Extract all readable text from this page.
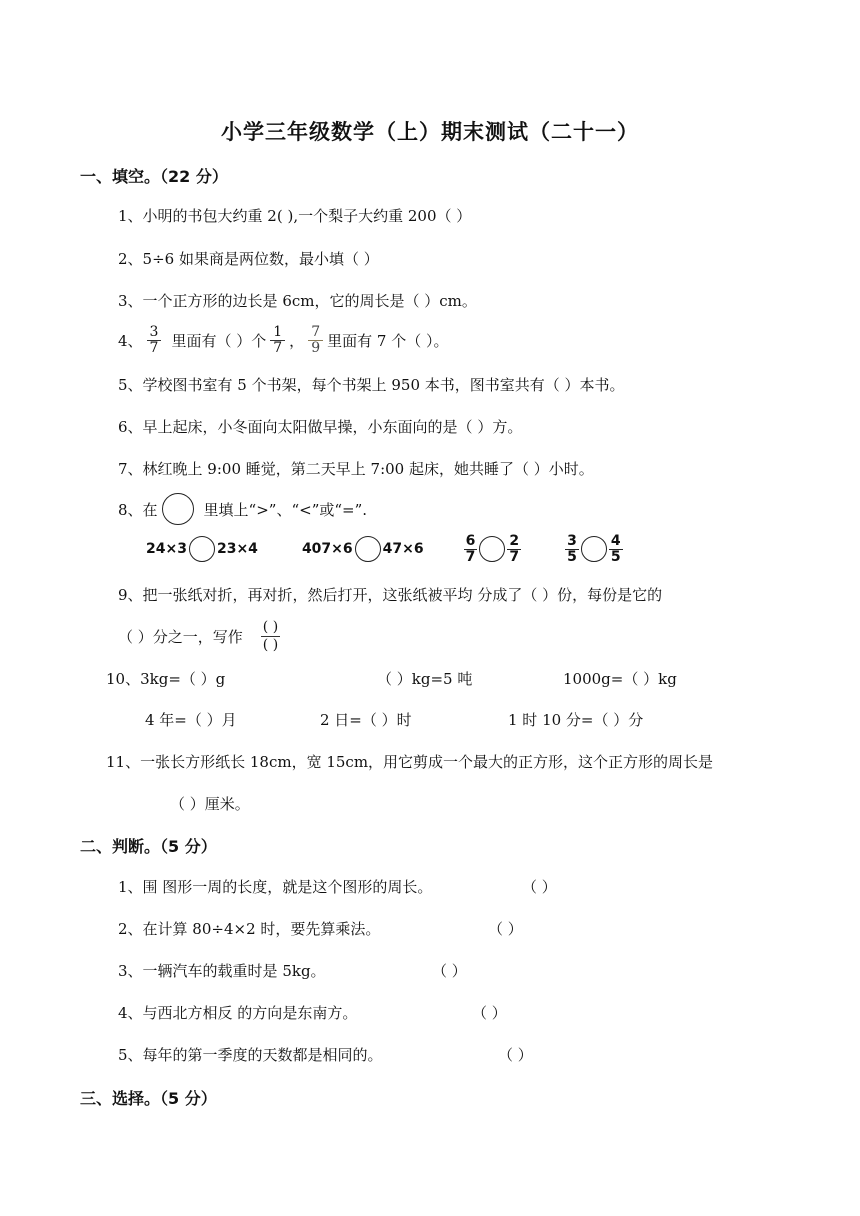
小学三年级数学（上）期末测试（二十一）
一、填空。（22 分）
1、小明的书包大约重 2( ),一个梨子大约重 200（ ）
2、5÷6 如果商是两位数，最小填（ ）
3、一个正方形的边长是 6cm，它的周长是（ ）cm。
4、 $\frac{3}{7}$ 里面有（ ）个 $\frac{1}{7}$ ， $\frac{7}{9}$ 里面有 7 个（ ）。
5、学校图书室有 5 个书架，每个书架上 950 本书，图书室共有（ ）本书。
6、早上起床，小冬面向太阳做早操，小东面向的是（ ）方。
7、林红晚上 9:00 睡觉，第二天早上 7:00 起床，她共睡了（ ）小时。
8、在	里填上“>”、“<”或“=”.
24×3 23×4	407×6 47×6	$\frac{6}{7} \frac{2}{7}$	$\frac{3}{5} \frac{4}{5}$
9、把一张纸对折，再对折，然后打开，这张纸被平均 分成了（ ）份，每份是它的
（ ）分之一，写作
( )
( )
10、3kg=（ ）g	（ ）kg=5 吨	1000g=（ ）kg
4 年=（ ）月	2 日=（ ）时	1 时 10 分=（ ）分
11、一张长方形纸长 18cm，宽 15cm，用它剪成一个最大的正方形，这个正方形的周长是
（ ）厘米。
二、判断。（5 分）
1、围 图形一周的长度，就是这个图形的周长。	（ ）
2、在计算 80÷4×2 时，要先算乘法。	（ ）
3、一辆汽车的载重时是 5kg。	（ ）
4、与西北方相反 的方向是东南方。	（ ）
5、每年的第一季度的天数都是相同的。	（ ）
三、选择。（5 分）
